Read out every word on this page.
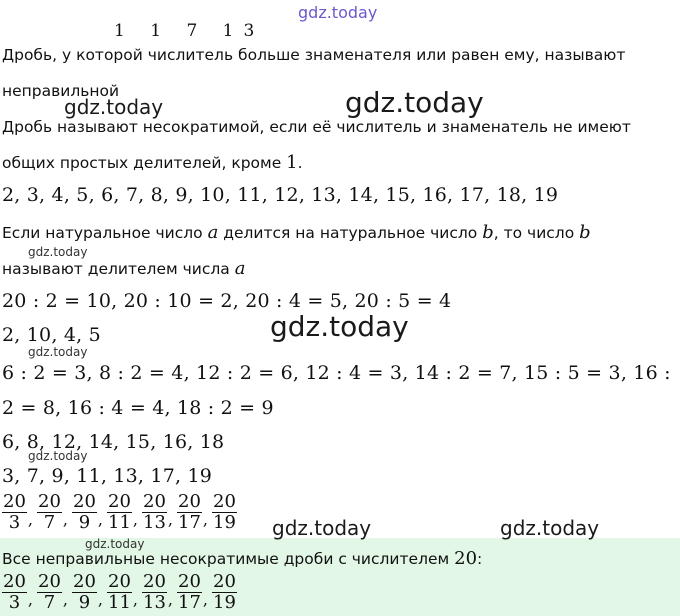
1 1 7 13
gdz.today
Дробь, у которой числитель больше знаменателя или равен ему, называют
неправильной
gdz.today	gdz.today
Дробь называют несократимой, если её числитель и знаменатель не имеют
общих простых делителей, кроме 1.
2, 3, 4, 5, 6, 7, 8, 9, 10, 11, 12, 13, 14, 15, 16, 17, 18, 19
Если натуральное число a делится на натуральное число b, то число b
gdz.today
называют делителем числа a
20 : 2 = 10, 20 : 10 = 2, 20 : 4 = 5, 20 : 5 = 4
gdz.today
2, 10, 4, 5
gdz.today
6 : 2 = 3, 8 : 2 = 4, 12 : 2 = 6, 12 : 4 = 3, 14 : 2 = 7, 15 : 5 = 3, 16 :
2 = 8, 16 : 4 = 4, 18 : 2 = 9
6, 8, 12, 14, 15, 16, 18
gdz.today
3, 7, 9, 11, 13, 17, 19
$\frac{20}{3}$ , $\frac{20}{7}$ , $\frac{20}{9}$ , $\frac{20}{11}$ , $\frac{20}{13}$ , $\frac{20}{17}$ , $\frac{20}{19}$ gdz.today	gdz.today
gdz.today
Все неправильные несократимые дроби с числителем 20:
$\frac{20}{3}$ , $\frac{20}{7}$ , $\frac{20}{9}$ , $\frac{20}{11}$ , $\frac{20}{13}$ , $\frac{20}{17}$ , $\frac{20}{19}$
